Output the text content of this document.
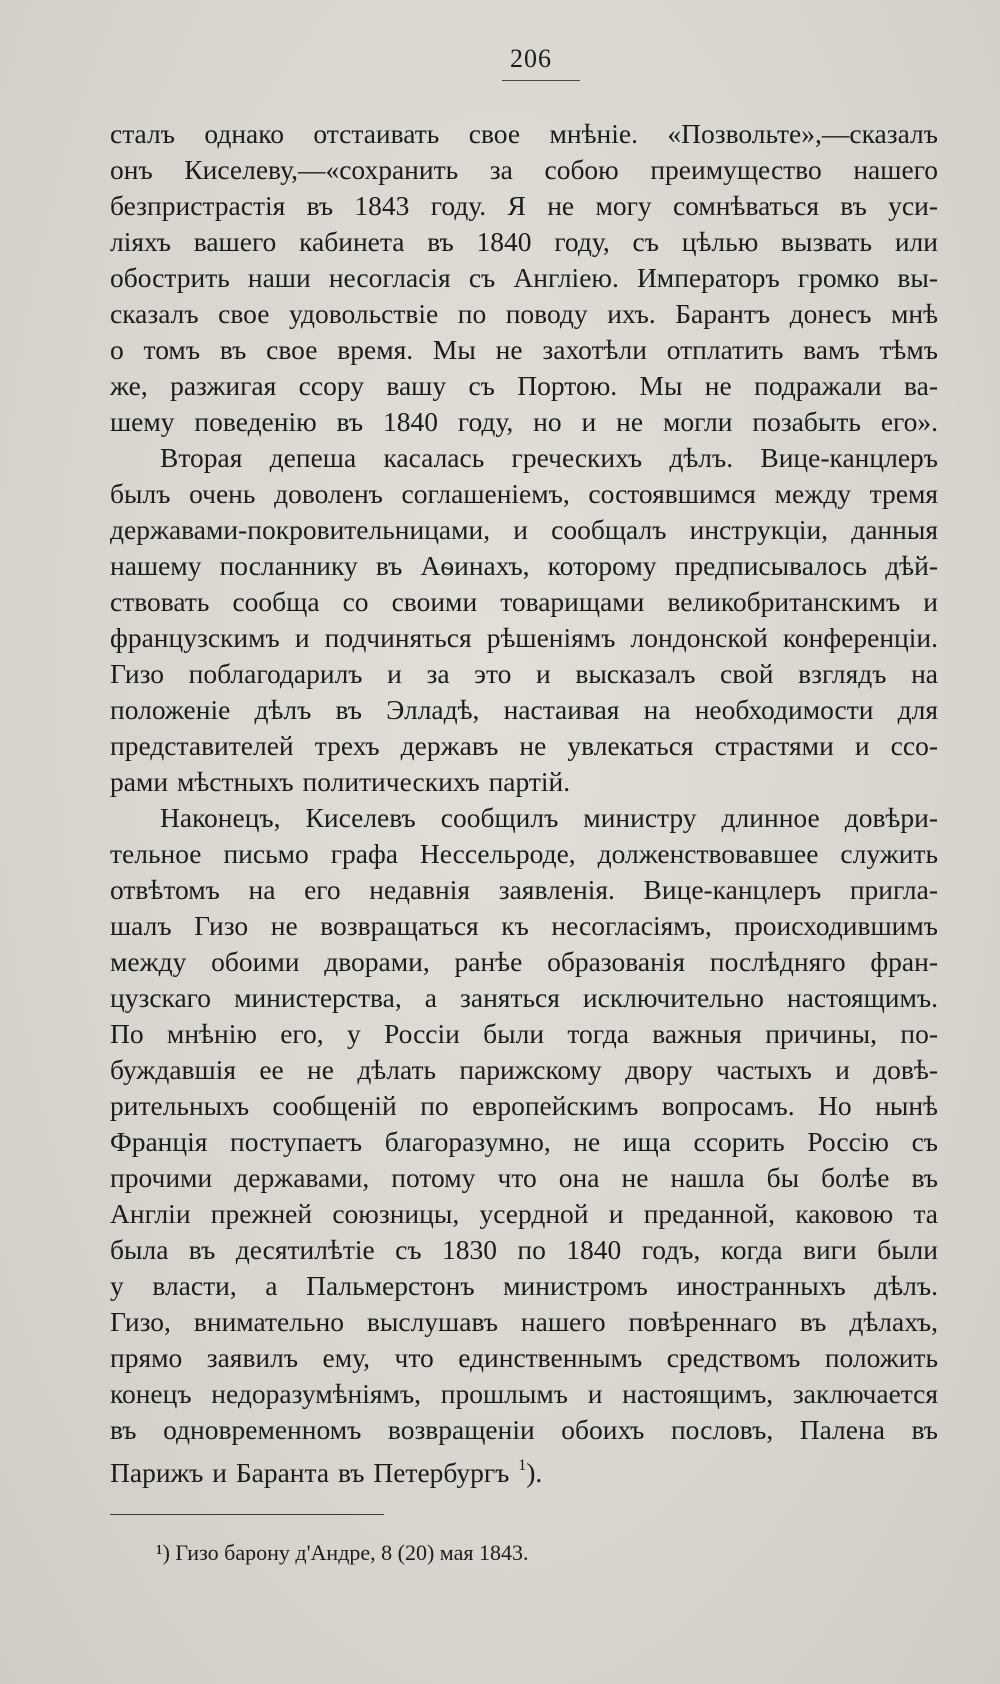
206
сталъ однако отстаивать свое мнѣніе. «Позвольте»,—сказалъ
онъ Киселеву,—«сохранить за собою преимущество нашего
безпристрастія въ 1843 году. Я не могу сомнѣваться въ уси-
ліяхъ вашего кабинета въ 1840 году, съ цѣлью вызвать или
обострить наши несогласія съ Англіею. Императоръ громко вы-
сказалъ свое удовольствіе по поводу ихъ. Барантъ донесъ мнѣ
о томъ въ свое время. Мы не захотѣли отплатить вамъ тѣмъ
же, разжигая ссору вашу съ Портою. Мы не подражали ва-
шему поведенію въ 1840 году, но и не могли позабыть его».
Вторая депеша касалась греческихъ дѣлъ. Вице-канцлеръ
былъ очень доволенъ соглашеніемъ, состоявшимся между тремя
державами-покровительницами, и сообщалъ инструкціи, данныя
нашему посланнику въ Аѳинахъ, которому предписывалось дѣй-
ствовать сообща со своими товарищами великобританскимъ и
французскимъ и подчиняться рѣшеніямъ лондонской конференціи.
Гизо поблагодарилъ и за это и высказалъ свой взглядъ на
положеніе дѣлъ въ Элладѣ, настаивая на необходимости для
представителей трехъ державъ не увлекаться страстями и ссо-
рами мѣстныхъ политическихъ партій.
Наконецъ, Киселевъ сообщилъ министру длинное довѣри-
тельное письмо графа Нессельроде, долженствовавшее служить
отвѣтомъ на его недавнія заявленія. Вице-канцлеръ пригла-
шалъ Гизо не возвращаться къ несогласіямъ, происходившимъ
между обоими дворами, ранѣе образованія послѣдняго фран-
цузскаго министерства, а заняться исключительно настоящимъ.
По мнѣнію его, у Россіи были тогда важныя причины, по-
буждавшія ее не дѣлать парижскому двору частыхъ и довѣ-
рительныхъ сообщеній по европейскимъ вопросамъ. Но нынѣ
Франція поступаетъ благоразумно, не ища ссорить Россію съ
прочими державами, потому что она не нашла бы болѣе въ
Англіи прежней союзницы, усердной и преданной, каковою та
была въ десятилѣтіе съ 1830 по 1840 годъ, когда виги были
у власти, а Пальмерстонъ министромъ иностранныхъ дѣлъ.
Гизо, внимательно выслушавъ нашего повѣреннаго въ дѣлахъ,
прямо заявилъ ему, что единственнымъ средствомъ положить
конецъ недоразумѣніямъ, прошлымъ и настоящимъ, заключается
въ одновременномъ возвращеніи обоихъ пословъ, Палена въ
Парижъ и Баранта въ Петербургъ $^1$).
¹) Гизо барону д'Андре, 8 (20) мая 1843.
